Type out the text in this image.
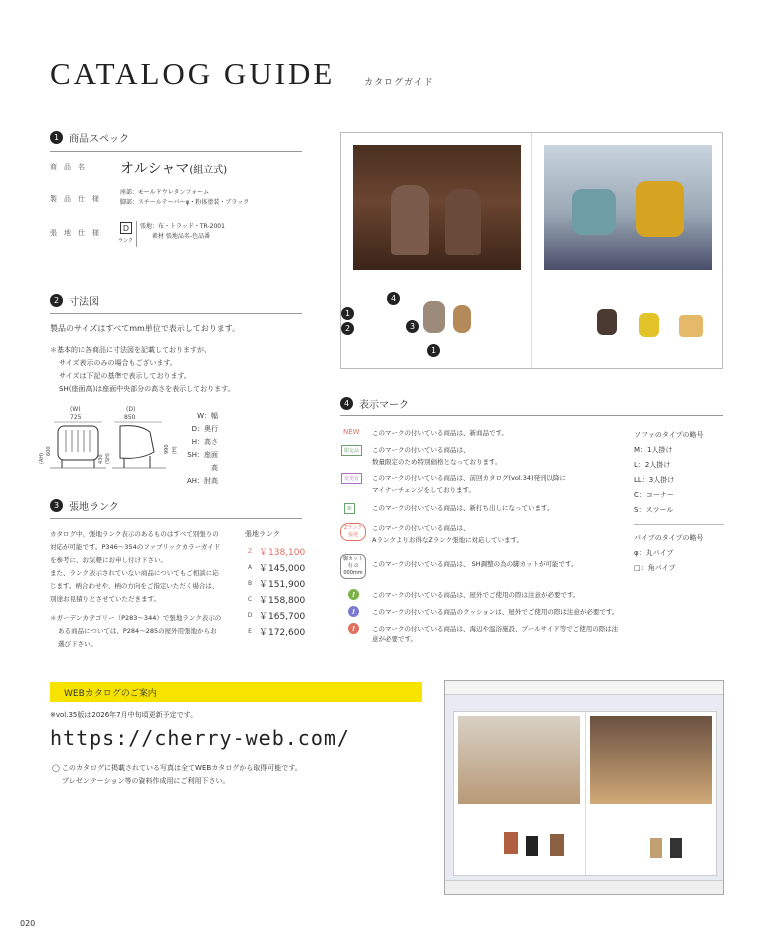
CATALOG GUIDE	カタログガイド
1 商品スペック
商　品　名	オルシャマ(組立式)
製　品　仕　様
座部：モールドウレタンフォーム
脚部：スチールテーパーφ・粉体塗装・ブラック
張　地　仕　様	D
ランク
張地：布・トラッド・TR-2001
素材 張地品名-色品番
2 寸法図
製品のサイズはすべてmm単位で表示しております。
＊基本的に各商品に寸法図を記載しておりますが、
サイズ表示のみの場合もございます。
サイズは下記の基準で表示しております。
SH(座面高)は座面中央部分の高さを表示しております。
(W)
725
(AH)
600
430 (SH)
(D)
850
990 (H)
W：幅
D：奥行
H：高さ
SH：座面高
AH：肘高
3 張地ランク
カタログ中、張地ランク表示のあるものはすべて別張りの
対応が可能です。P346〜354のファブリックカラーガイド
を参考に、お気軽にお申し付け下さい。
また、ランク表示されていない商品についてもご相談に応
じます。柄合わせや、柄の方向をご指定いただく場合は、
別途お見積りとさせていただきます。
＊ガーデンカテゴリー（P283〜344）で張地ランク表示の
ある商品については、P284〜285の屋外用張地からお
選び下さい。
張地ランク
Z ￥138,100
A ￥145,000
B ￥151,900
C ￥158,800
D ￥165,700
E ￥172,600
1
2
4
3
1
4 表示マーク
NEW このマークの付いている商品は、新商品です。
限定品	このマークの付いている商品は、
数量限定のため特別価格となっております。
変更有	このマークの付いている商品は、前回カタログ(vol.34)発刊以降に
マイナーチェンジをしております。
新	このマークの付いている商品は、新打ち出しになっています。
Zランク張地
このマークの付いている商品は、
Aランクよりお得なZランク張地に対応しています。
脚カット有 ∅ 000mm
このマークの付いている商品は、 SH調整の為の脚カットが可能です。
!	このマークの付いている商品は、屋外でご使用の際は注意が必要です。
!	このマークの付いている商品のクッションは、屋外でご使用の際は注意が必要です。
!	このマークの付いている商品は、海辺や温浴施設、プールサイド等でご使用の際は注意が必要です。
ソファのタイプの略号
M：1人掛け
L：2人掛け
LL：3人掛け
C：コーナー
S：スツール
パイプのタイプの略号
φ：丸パイプ
□：角パイプ
WEBカタログのご案内
※vol.35版は2026年7月中旬頃更新予定です。
https://cherry-web.com/
◯ このカタログに掲載されている写真は全てWEBカタログから取得可能です。
プレゼンテーション等の資料作成用にご利用下さい。
020
